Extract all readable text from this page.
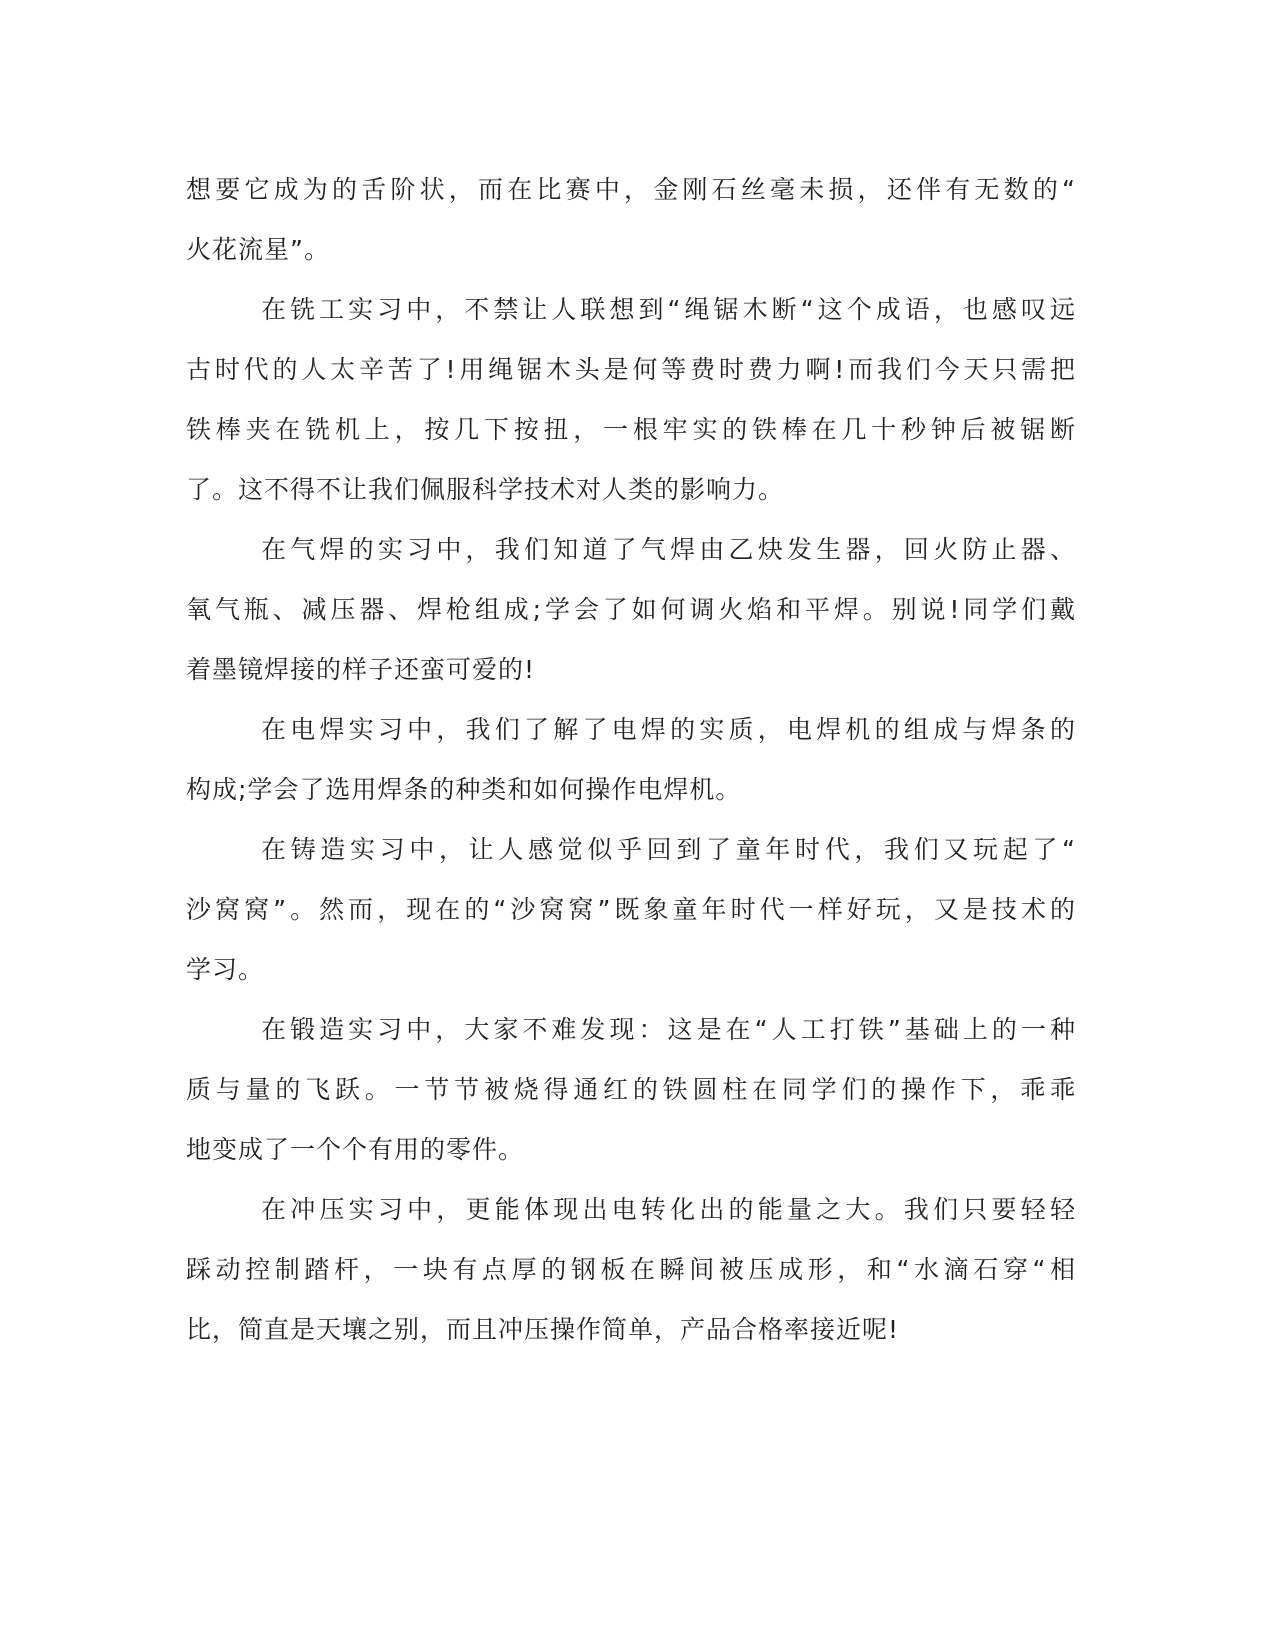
想要它成为的舌阶状，而在比赛中，金刚石丝毫未损，还伴有无数的“
火花流星”。
在铣工实习中，不禁让人联想到“绳锯木断“这个成语，也感叹远
古时代的人太辛苦了!用绳锯木头是何等费时费力啊!而我们今天只需把
铁棒夹在铣机上，按几下按扭，一根牢实的铁棒在几十秒钟后被锯断
了。这不得不让我们佩服科学技术对人类的影响力。
在气焊的实习中，我们知道了气焊由乙炔发生器，回火防止器、
氧气瓶、减压器、焊枪组成;学会了如何调火焰和平焊。别说!同学们戴
着墨镜焊接的样子还蛮可爱的!
在电焊实习中，我们了解了电焊的实质，电焊机的组成与焊条的
构成;学会了选用焊条的种类和如何操作电焊机。
在铸造实习中，让人感觉似乎回到了童年时代，我们又玩起了“
沙窝窝”。然而，现在的“沙窝窝”既象童年时代一样好玩，又是技术的
学习。
在锻造实习中，大家不难发现：这是在“人工打铁”基础上的一种
质与量的飞跃。一节节被烧得通红的铁圆柱在同学们的操作下，乖乖
地变成了一个个有用的零件。
在冲压实习中，更能体现出电转化出的能量之大。我们只要轻轻
踩动控制踏杆，一块有点厚的钢板在瞬间被压成形，和“水滴石穿“相
比，简直是天壤之别，而且冲压操作简单，产品合格率接近呢!
